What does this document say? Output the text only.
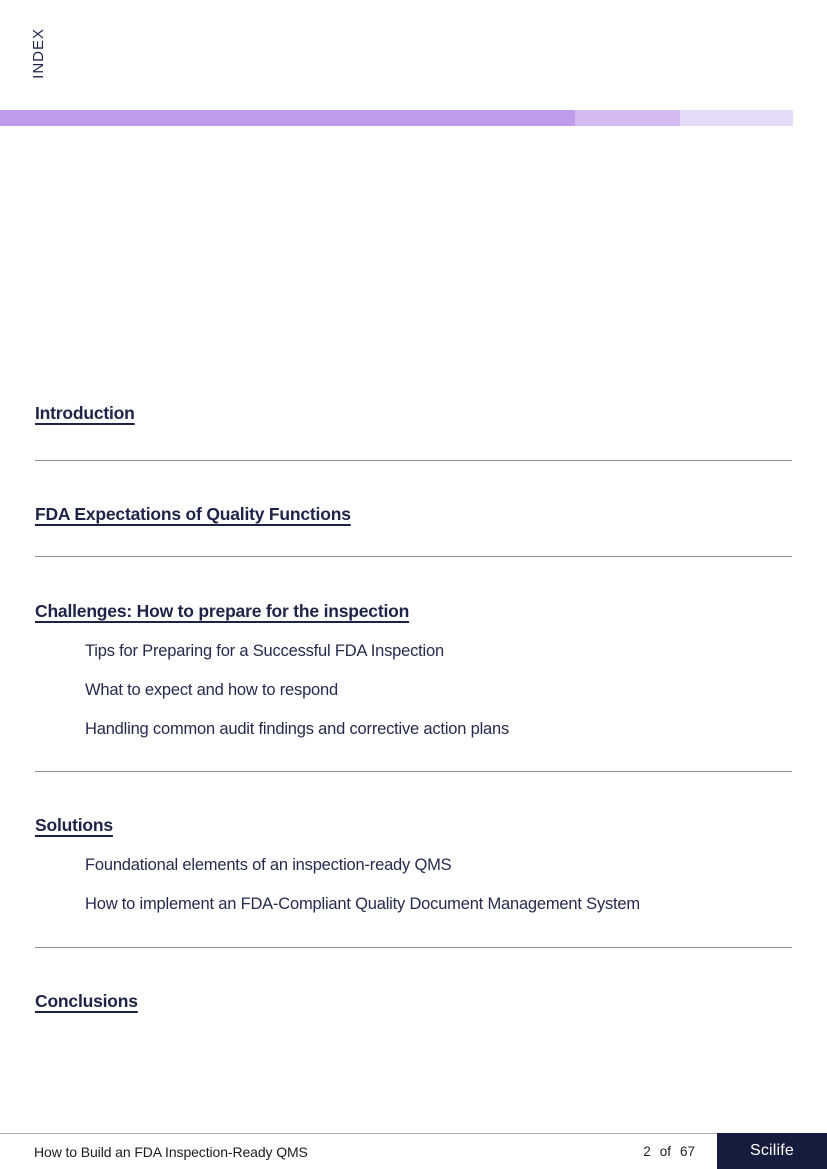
INDEX
Introduction
FDA Expectations of Quality Functions
Challenges: How to prepare for the inspection
Tips for Preparing for a Successful FDA Inspection
What to expect and how to respond
Handling common audit findings and corrective action plans
Solutions
Foundational elements of an inspection-ready QMS
How to implement an FDA-Compliant Quality Document Management System
Conclusions
How to Build an FDA Inspection-Ready QMS	2 of 67	Scilife
